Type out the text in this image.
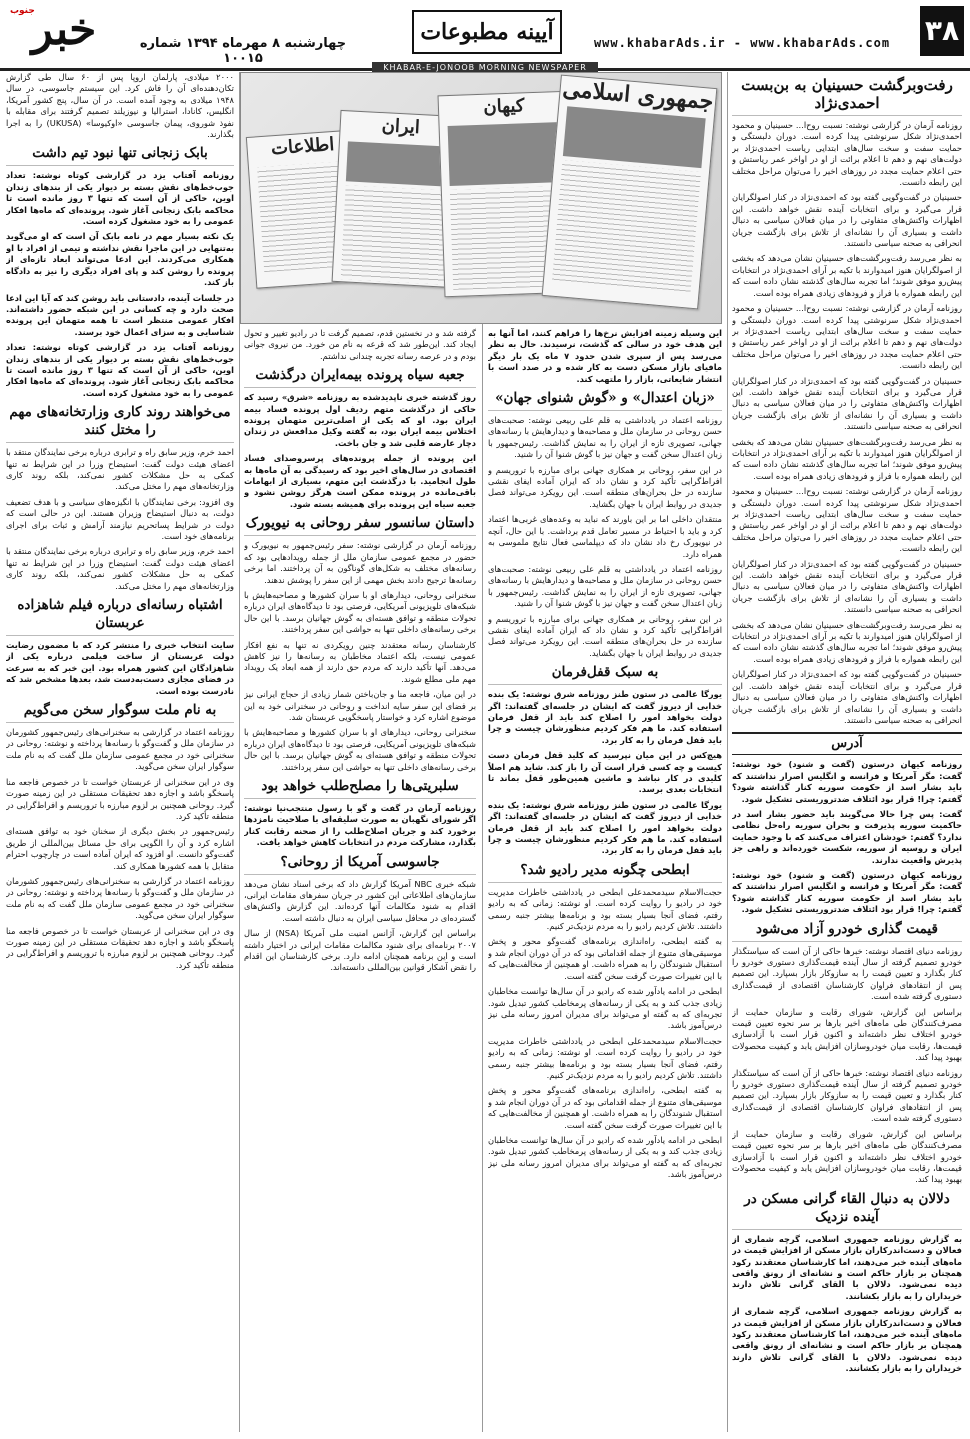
خبر
جنوب
چهارشنبه ۸ مهرماه ۱۳۹۴ شماره ۱۰۰۱۵
آیینه مطبوعات	www.khabarAds.ir - www.khabarAds.com	۳۸
KHABAR-E-JONOOB MORNING NEWSPAPER
اطلاعات
ایران
کیهان	جمهوری اسلامی	رفت‌وبرگشت حسینیان به بن‌بست احمدی‌نژاد

روزنامه آرمان در گزارشی نوشته: نسبت روح‌ا... حسینیان و محمود احمدی‌نژاد شکل سرنوشتی پیدا کرده است. دوران دلبستگی و حمایت سفت و سخت سال‌های ابتدایی ریاست احمدی‌نژاد بر دولت‌های نهم و دهم تا اعلام برائت از او در اواخر عمر ریاستش و حتی اعلام حمایت مجدد در روزهای اخیر را می‌توان مراحل مختلف این رابطه دانست.

حسینیان در گفت‌وگویی گفته بود که احمدی‌نژاد در کنار اصولگرایان قرار می‌گیرد و برای انتخابات آینده نقش خواهد داشت. این اظهارات واکنش‌های متفاوتی را در میان فعالان سیاسی به دنبال داشت و بسیاری آن را نشانه‌ای از تلاش برای بازگشت جریان انحرافی به صحنه سیاسی دانستند.

به نظر می‌رسد رفت‌وبرگشت‌های حسینیان نشان می‌دهد که بخشی از اصولگرایان هنوز امیدوارند با تکیه بر آرای احمدی‌نژاد در انتخابات پیش‌رو موفق شوند؛ اما تجربه سال‌های گذشته نشان داده است که این رابطه همواره با فراز و فرودهای زیادی همراه بوده است.

روزنامه آرمان در گزارشی نوشته: نسبت روح‌ا... حسینیان و محمود احمدی‌نژاد شکل سرنوشتی پیدا کرده است. دوران دلبستگی و حمایت سفت و سخت سال‌های ابتدایی ریاست احمدی‌نژاد بر دولت‌های نهم و دهم تا اعلام برائت از او در اواخر عمر ریاستش و حتی اعلام حمایت مجدد در روزهای اخیر را می‌توان مراحل مختلف این رابطه دانست.

حسینیان در گفت‌وگویی گفته بود که احمدی‌نژاد در کنار اصولگرایان قرار می‌گیرد و برای انتخابات آینده نقش خواهد داشت. این اظهارات واکنش‌های متفاوتی را در میان فعالان سیاسی به دنبال داشت و بسیاری آن را نشانه‌ای از تلاش برای بازگشت جریان انحرافی به صحنه سیاسی دانستند.

به نظر می‌رسد رفت‌وبرگشت‌های حسینیان نشان می‌دهد که بخشی از اصولگرایان هنوز امیدوارند با تکیه بر آرای احمدی‌نژاد در انتخابات پیش‌رو موفق شوند؛ اما تجربه سال‌های گذشته نشان داده است که این رابطه همواره با فراز و فرودهای زیادی همراه بوده است.

روزنامه آرمان در گزارشی نوشته: نسبت روح‌ا... حسینیان و محمود احمدی‌نژاد شکل سرنوشتی پیدا کرده است. دوران دلبستگی و حمایت سفت و سخت سال‌های ابتدایی ریاست احمدی‌نژاد بر دولت‌های نهم و دهم تا اعلام برائت از او در اواخر عمر ریاستش و حتی اعلام حمایت مجدد در روزهای اخیر را می‌توان مراحل مختلف این رابطه دانست.

حسینیان در گفت‌وگویی گفته بود که احمدی‌نژاد در کنار اصولگرایان قرار می‌گیرد و برای انتخابات آینده نقش خواهد داشت. این اظهارات واکنش‌های متفاوتی را در میان فعالان سیاسی به دنبال داشت و بسیاری آن را نشانه‌ای از تلاش برای بازگشت جریان انحرافی به صحنه سیاسی دانستند.

به نظر می‌رسد رفت‌وبرگشت‌های حسینیان نشان می‌دهد که بخشی از اصولگرایان هنوز امیدوارند با تکیه بر آرای احمدی‌نژاد در انتخابات پیش‌رو موفق شوند؛ اما تجربه سال‌های گذشته نشان داده است که این رابطه همواره با فراز و فرودهای زیادی همراه بوده است.

حسینیان در گفت‌وگویی گفته بود که احمدی‌نژاد در کنار اصولگرایان قرار می‌گیرد و برای انتخابات آینده نقش خواهد داشت. این اظهارات واکنش‌های متفاوتی را در میان فعالان سیاسی به دنبال داشت و بسیاری آن را نشانه‌ای از تلاش برای بازگشت جریان انحرافی به صحنه سیاسی دانستند.

آدرس

روزنامه کیهان درستون (گفت و شنود) خود نوشته: گفت: مگر آمریکا و فرانسه و انگلیس اصرار نداشتند که باید بشار اسد از حکومت سوریه کنار گذاشته شود؟ گفتم: چرا! قرار بود ائتلاف ضدتروریستی تشکیل شود.

گفت: پس چرا حالا می‌گویند باید حضور بشار اسد در حاکمیت سوریه پذیرفت و بحران سوریه راه‌حل نظامی ندارد؟ گفتم: خودشان اعتراف می‌کنند که با وجود حمایت ایران و روسیه از سوریه، شکست خورده‌اند و راهی جز پذیرش واقعیت ندارند.

روزنامه کیهان درستون (گفت و شنود) خود نوشته: گفت: مگر آمریکا و فرانسه و انگلیس اصرار نداشتند که باید بشار اسد از حکومت سوریه کنار گذاشته شود؟ گفتم: چرا! قرار بود ائتلاف ضدتروریستی تشکیل شود.

قیمت گذاری خودرو آزاد می‌شود

روزنامه دنیای اقتصاد نوشته: خبرها حاکی از آن است که سیاستگذار خودرو تصمیم گرفته از سال آینده قیمت‌گذاری دستوری خودرو را کنار بگذارد و تعیین قیمت را به سازوکار بازار بسپارد. این تصمیم پس از انتقادهای فراوان کارشناسان اقتصادی از قیمت‌گذاری دستوری گرفته شده است.

براساس این گزارش، شورای رقابت و سازمان حمایت از مصرف‌کنندگان طی ماه‌های اخیر بارها بر سر نحوه تعیین قیمت خودرو اختلاف نظر داشته‌اند و اکنون قرار است با آزادسازی قیمت‌ها، رقابت میان خودروسازان افزایش یابد و کیفیت محصولات بهبود پیدا کند.

روزنامه دنیای اقتصاد نوشته: خبرها حاکی از آن است که سیاستگذار خودرو تصمیم گرفته از سال آینده قیمت‌گذاری دستوری خودرو را کنار بگذارد و تعیین قیمت را به سازوکار بازار بسپارد. این تصمیم پس از انتقادهای فراوان کارشناسان اقتصادی از قیمت‌گذاری دستوری گرفته شده است.

براساس این گزارش، شورای رقابت و سازمان حمایت از مصرف‌کنندگان طی ماه‌های اخیر بارها بر سر نحوه تعیین قیمت خودرو اختلاف نظر داشته‌اند و اکنون قرار است با آزادسازی قیمت‌ها، رقابت میان خودروسازان افزایش یابد و کیفیت محصولات بهبود پیدا کند.

دلالان به دنبال القاء گرانی مسکن در آینده نزدیک

به گزارش روزنامه جمهوری اسلامی، گرچه شماری از فعالان و دست‌اندرکاران بازار مسکن از افزایش قیمت در ماه‌های آینده خبر می‌دهند، اما کارشناسان معتقدند رکود همچنان بر بازار حاکم است و نشانه‌ای از رونق واقعی دیده نمی‌شود. دلالان با القای گرانی تلاش دارند خریداران را به بازار بکشانند.

به گزارش روزنامه جمهوری اسلامی، گرچه شماری از فعالان و دست‌اندرکاران بازار مسکن از افزایش قیمت در ماه‌های آینده خبر می‌دهند، اما کارشناسان معتقدند رکود همچنان بر بازار حاکم است و نشانه‌ای از رونق واقعی دیده نمی‌شود. دلالان با القای گرانی تلاش دارند خریداران را به بازار بکشانند.

این وسیله زمینه افزایش نرخ‌ها را فراهم کنند، اما آنها به این هدف خود در سالی که گذشت، نرسیدند. حال به نظر می‌رسد پس از سپری شدن حدود ۷ ماه یک بار دیگر مافیای بازار مسکن دست به کار شده و در صدد است با انتشار شایعاتی، بازار را ملتهب کند.

«زبان اعتدال» و «گوش شنوای جهان»

روزنامه اعتماد در یادداشتی به قلم علی ربیعی نوشته: صحبت‌های حسن روحانی در سازمان ملل و مصاحبه‌ها و دیدارهایش با رسانه‌های جهانی، تصویری تازه از ایران را به نمایش گذاشت. رئیس‌جمهور با زبان اعتدال سخن گفت و جهان نیز با گوش شنوا آن را شنید.

در این سفر، روحانی بر همکاری جهانی برای مبارزه با تروریسم و افراط‌گرایی تأکید کرد و نشان داد که ایران آماده ایفای نقشی سازنده در حل بحران‌های منطقه است. این رویکرد می‌تواند فصل جدیدی در روابط ایران با جهان بگشاید.

منتقدان داخلی اما بر این باورند که نباید به وعده‌های غربی‌ها اعتماد کرد و باید با احتیاط در مسیر تعامل قدم برداشت. با این حال، آنچه در نیویورک رخ داد نشان داد که دیپلماسی فعال نتایج ملموسی به همراه دارد.

روزنامه اعتماد در یادداشتی به قلم علی ربیعی نوشته: صحبت‌های حسن روحانی در سازمان ملل و مصاحبه‌ها و دیدارهایش با رسانه‌های جهانی، تصویری تازه از ایران را به نمایش گذاشت. رئیس‌جمهور با زبان اعتدال سخن گفت و جهان نیز با گوش شنوا آن را شنید.

در این سفر، روحانی بر همکاری جهانی برای مبارزه با تروریسم و افراط‌گرایی تأکید کرد و نشان داد که ایران آماده ایفای نقشی سازنده در حل بحران‌های منطقه است. این رویکرد می‌تواند فصل جدیدی در روابط ایران با جهان بگشاید.

به سبک قفل‌فرمان

یورگا عالمی در ستون طنز روزنامه شرق نوشته: یک بنده خدایی از دیروز گفت که ایشان در جلسه‌ای گفته‌اند: اگر دولت بخواهد امور را اصلاح کند باید از قفل فرمان استفاده کند. ما هم فکر کردیم منظورشان چیست و چرا باید قفل فرمان را به کار برد.

هیچ‌کس در این میان نپرسید که کلید قفل فرمان دست کیست و چه کسی قرار است آن را باز کند. شاید هم اصلاً کلیدی در کار نباشد و ماشین همین‌طور قفل بماند تا انتخابات بعدی برسد.

یورگا عالمی در ستون طنز روزنامه شرق نوشته: یک بنده خدایی از دیروز گفت که ایشان در جلسه‌ای گفته‌اند: اگر دولت بخواهد امور را اصلاح کند باید از قفل فرمان استفاده کند. ما هم فکر کردیم منظورشان چیست و چرا باید قفل فرمان را به کار برد.

ابطحی چگونه مدیر رادیو شد؟

حجت‌الاسلام سیدمحمدعلی ابطحی در یادداشتی خاطرات مدیریت خود در رادیو را روایت کرده است. او نوشته: زمانی که به رادیو رفتم، فضای آنجا بسیار بسته بود و برنامه‌ها بیشتر جنبه رسمی داشتند. تلاش کردیم رادیو را به مردم نزدیک‌تر کنیم.

به گفته ابطحی، راه‌اندازی برنامه‌های گفت‌وگو محور و پخش موسیقی‌های متنوع از جمله اقداماتی بود که در آن دوران انجام شد و استقبال شنوندگان را به همراه داشت. او همچنین از مخالفت‌هایی که با این تغییرات صورت گرفت سخن گفته است.

ابطحی در ادامه یادآور شده که رادیو در آن سال‌ها توانست مخاطبان زیادی جذب کند و به یکی از رسانه‌های پرمخاطب کشور تبدیل شود. تجربه‌ای که به گفته او می‌تواند برای مدیران امروز رسانه ملی نیز درس‌آموز باشد.

حجت‌الاسلام سیدمحمدعلی ابطحی در یادداشتی خاطرات مدیریت خود در رادیو را روایت کرده است. او نوشته: زمانی که به رادیو رفتم، فضای آنجا بسیار بسته بود و برنامه‌ها بیشتر جنبه رسمی داشتند. تلاش کردیم رادیو را به مردم نزدیک‌تر کنیم.

به گفته ابطحی، راه‌اندازی برنامه‌های گفت‌وگو محور و پخش موسیقی‌های متنوع از جمله اقداماتی بود که در آن دوران انجام شد و استقبال شنوندگان را به همراه داشت. او همچنین از مخالفت‌هایی که با این تغییرات صورت گرفت سخن گفته است.

ابطحی در ادامه یادآور شده که رادیو در آن سال‌ها توانست مخاطبان زیادی جذب کند و به یکی از رسانه‌های پرمخاطب کشور تبدیل شود. تجربه‌ای که به گفته او می‌تواند برای مدیران امروز رسانه ملی نیز درس‌آموز باشد.

گرفته شد و در نخستین قدم، تصمیم گرفت تا در رادیو تغییر و تحول ایجاد کند. این‌طور شد که قرعه به نام من خورد. من نیروی جوانی بودم و در عرصه رسانه تجربه چندانی نداشتم.

جعبه سیاه پرونده بیمه‌ایران درگذشت

روز گذشته خبری ناپدیدشده به روزنامه «شرق» رسید که حاکی از درگذشت متهم ردیف اول پرونده فساد بیمه ایران بود. او که یکی از اصلی‌ترین متهمان پرونده اختلاس بیمه ایران بود، به گفته وکیل مدافعش در زندان دچار عارضه قلبی شد و جان باخت.

این پرونده از جمله پرونده‌های پرسروصدای فساد اقتصادی در سال‌های اخیر بود که رسیدگی به آن ماه‌ها به طول انجامید. با درگذشت این متهم، بسیاری از ابهامات باقی‌مانده در پرونده ممکن است هرگز روشن نشود و جعبه سیاه این پرونده برای همیشه بسته شود.

داستان سانسور سفر روحانی به نیویورک

روزنامه آرمان در گزارشی نوشته: سفر رئیس‌جمهور به نیویورک و حضور در مجمع عمومی سازمان ملل از جمله رویدادهایی بود که رسانه‌های مختلف به شکل‌های گوناگون به آن پرداختند. اما برخی رسانه‌ها ترجیح دادند بخش مهمی از این سفر را پوشش ندهند.

سخنرانی روحانی، دیدارهای او با سران کشورها و مصاحبه‌هایش با شبکه‌های تلویزیونی آمریکایی، فرصتی بود تا دیدگاه‌های ایران درباره تحولات منطقه و توافق هسته‌ای به گوش جهانیان برسد. با این حال برخی رسانه‌های داخلی تنها به حواشی این سفر پرداختند.

کارشناسان رسانه معتقدند چنین رویکردی نه تنها به نفع افکار عمومی نیست، بلکه اعتماد مخاطبان به رسانه‌ها را نیز کاهش می‌دهد. آنها تأکید دارند که مردم حق دارند از همه ابعاد یک رویداد مهم ملی مطلع شوند.

در این میان، فاجعه منا و جان‌باختن شمار زیادی از حجاج ایرانی نیز بر فضای این سفر سایه انداخت و روحانی در سخنرانی خود به این موضوع اشاره کرد و خواستار پاسخگویی عربستان شد.

سخنرانی روحانی، دیدارهای او با سران کشورها و مصاحبه‌هایش با شبکه‌های تلویزیونی آمریکایی، فرصتی بود تا دیدگاه‌های ایران درباره تحولات منطقه و توافق هسته‌ای به گوش جهانیان برسد. با این حال برخی رسانه‌های داخلی تنها به حواشی این سفر پرداختند.

سلبریتی‌ها را مصلح‌طلب خواهد بود

روزنامه آرمان در گفت و گو با رسول منتجب‌نیا نوشته: اگر شورای نگهبان به صورت سلیقه‌ای با صلاحیت نامزدها برخورد کند و جریان اصلاح‌طلب را از صحنه رقابت کنار بگذارد، مشارکت مردم در انتخابات کاهش خواهد یافت.

جاسوسی آمریکا از روحانی؟

شبکه خبری NBC آمریکا گزارش داد که برخی اسناد نشان می‌دهد سازمان‌های اطلاعاتی این کشور در جریان سفرهای مقامات ایرانی، اقدام به شنود مکالمات آنها کرده‌اند. این گزارش واکنش‌های گسترده‌ای در محافل سیاسی ایران به دنبال داشته است.

براساس این گزارش، آژانس امنیت ملی آمریکا (NSA) از سال ۲۰۰۷ برنامه‌ای برای شنود مکالمات مقامات ایرانی در اختیار داشته است و این برنامه همچنان ادامه دارد. برخی کارشناسان این اقدام را نقض آشکار قوانین بین‌المللی دانسته‌اند.

۲۰۰۰ میلادی، پارلمان اروپا پس از ۶۰ سال طی گزارش تکان‌دهنده‌ای آن را فاش کرد. این سیستم جاسوسی، در سال ۱۹۴۸ میلادی به وجود آمده است. در آن سال، پنج کشور آمریکا، انگلیس، کانادا، استرالیا و نیوزیلند تصمیم گرفتند برای مقابله با نفوذ شوروی، پیمان جاسوسی «اوکیوسا» (UKUSA) را به اجرا بگذارند.

بابک زنجانی تنها نبود تیم داشت

روزنامه آفتاب یزد در گزارشی کوتاه نوشته: تعداد جوب‌خط‌های نقش بسته بر دیوار یکی از بندهای زندان اوین، حاکی از آن است که تنها ۳ روز مانده است تا محاکمه بابک زنجانی آغاز شود. پرونده‌ای که ماه‌ها افکار عمومی را به خود مشغول کرده است.

یک نکته بسیار مهم در نامه بابک آن است که او می‌گوید به‌تنهایی در این ماجرا نقش نداشته و تیمی از افراد با او همکاری می‌کردند. این ادعا می‌تواند ابعاد تازه‌ای از پرونده را روشن کند و پای افراد دیگری را نیز به دادگاه باز کند.

در جلسات آینده، دادستانی باید روشن کند که آیا این ادعا صحت دارد و چه کسانی در این شبکه حضور داشته‌اند. افکار عمومی منتظر است تا همه متهمان این پرونده شناسایی و به سزای اعمال خود برسند.

روزنامه آفتاب یزد در گزارشی کوتاه نوشته: تعداد جوب‌خط‌های نقش بسته بر دیوار یکی از بندهای زندان اوین، حاکی از آن است که تنها ۳ روز مانده است تا محاکمه بابک زنجانی آغاز شود. پرونده‌ای که ماه‌ها افکار عمومی را به خود مشغول کرده است.

می‌خواهند روند کاری وزارتخانه‌های مهم را مختل کنند

احمد خرم، وزیر سابق راه و ترابری درباره برخی نمایندگان منتقد با اعضای هیئت دولت گفت: استیضاح وزرا در این شرایط نه تنها کمکی به حل مشکلات کشور نمی‌کند، بلکه روند کاری وزارتخانه‌های مهم را مختل می‌کند.

وی افزود: برخی نمایندگان با انگیزه‌های سیاسی و با هدف تضعیف دولت، به دنبال استیضاح وزیران هستند. این در حالی است که دولت در شرایط پساتحریم نیازمند آرامش و ثبات برای اجرای برنامه‌های خود است.

احمد خرم، وزیر سابق راه و ترابری درباره برخی نمایندگان منتقد با اعضای هیئت دولت گفت: استیضاح وزرا در این شرایط نه تنها کمکی به حل مشکلات کشور نمی‌کند، بلکه روند کاری وزارتخانه‌های مهم را مختل می‌کند.

اشتباه رسانه‌ای درباره فیلم شاهزاده عربستان

سایت انتخاب خبری را منتشر کرد که با مضمون رضایت دولت عربستان از ساخت فیلمی درباره یکی از شاهزادگان این کشور همراه بود. این خبر که به سرعت در فضای مجازی دست‌به‌دست شد، بعدها مشخص شد که نادرست بوده است.

به نام ملت سوگوار سخن می‌گویم

روزنامه اعتماد در گزارشی به سخنرانی‌های رئیس‌جمهور کشورمان در سازمان ملل و گفت‌وگو با رسانه‌ها پرداخته و نوشته: روحانی در سخنرانی خود در مجمع عمومی سازمان ملل گفت که به نام ملت سوگوار ایران سخن می‌گوید.

وی در این سخنرانی از عربستان خواست تا در خصوص فاجعه منا پاسخگو باشد و اجازه دهد تحقیقات مستقلی در این زمینه صورت گیرد. روحانی همچنین بر لزوم مبارزه با تروریسم و افراط‌گرایی در منطقه تأکید کرد.

رئیس‌جمهور در بخش دیگری از سخنان خود به توافق هسته‌ای اشاره کرد و آن را الگویی برای حل مسائل بین‌المللی از طریق گفت‌وگو دانست. او افزود که ایران آماده است در چارچوب احترام متقابل با همه کشورها همکاری کند.

روزنامه اعتماد در گزارشی به سخنرانی‌های رئیس‌جمهور کشورمان در سازمان ملل و گفت‌وگو با رسانه‌ها پرداخته و نوشته: روحانی در سخنرانی خود در مجمع عمومی سازمان ملل گفت که به نام ملت سوگوار ایران سخن می‌گوید.

وی در این سخنرانی از عربستان خواست تا در خصوص فاجعه منا پاسخگو باشد و اجازه دهد تحقیقات مستقلی در این زمینه صورت گیرد. روحانی همچنین بر لزوم مبارزه با تروریسم و افراط‌گرایی در منطقه تأکید کرد.
